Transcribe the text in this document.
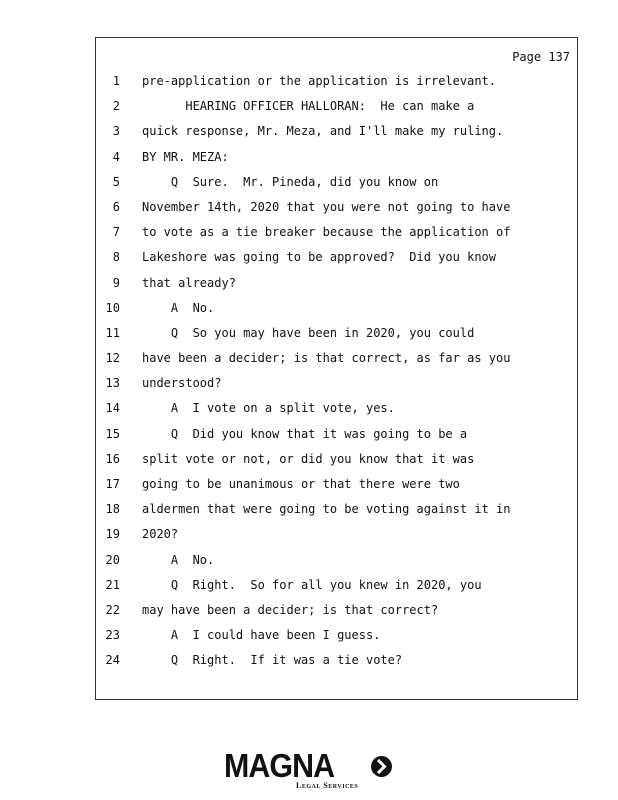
Page 137
1 pre-application or the application is irrelevant.
2 HEARING OFFICER HALLORAN:  He can make a
3 quick response, Mr. Meza, and I'll make my ruling.
4 BY MR. MEZA:
5 Q  Sure.  Mr. Pineda, did you know on
6 November 14th, 2020 that you were not going to have
7 to vote as a tie breaker because the application of
8 Lakeshore was going to be approved?  Did you know
9 that already?
10 A  No.
11 Q  So you may have been in 2020, you could
12 have been a decider; is that correct, as far as you
13 understood?
14 A  I vote on a split vote, yes.
15 Q  Did you know that it was going to be a
16 split vote or not, or did you know that it was
17 going to be unanimous or that there were two
18 aldermen that were going to be voting against it in
19 2020?
20 A  No.
21 Q  Right.  So for all you knew in 2020, you
22 may have been a decider; is that correct?
23 A  I could have been I guess.
24 Q  Right.  If it was a tie vote?
MAGNA
Legal Services
